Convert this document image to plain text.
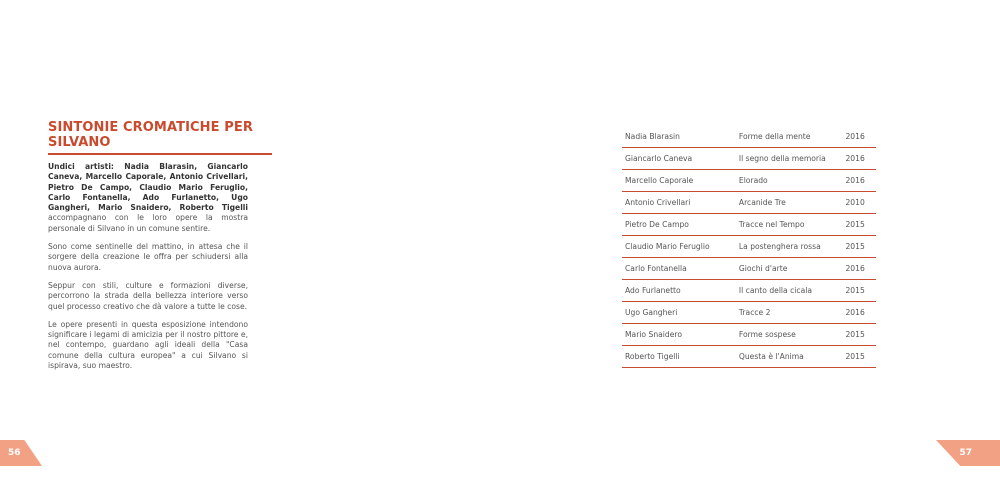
SINTONIE CROMATICHE PER SILVANO

Undici artisti: Nadia Blarasin, Giancarlo Caneva, Marcello Caporale, Antonio Crivellari, Pietro De Campo, Claudio Mario Feruglio, Carlo Fontanella, Ado Furlanetto, Ugo Gangheri, Mario Snaidero, Roberto Tigelli accompagnano con le loro opere la mostra personale di Silvano in un comune sentire.

Sono come sentinelle del mattino, in attesa che il sorgere della creazione le offra per schiudersi alla nuova aurora.

Seppur con stili, culture e formazioni diverse, percorrono la strada della bellezza interiore verso quel processo creativo che dà valore a tutte le cose.

Le opere presenti in questa esposizione intendono significare i legami di amicizia per il nostro pittore e, nel contempo, guardano agli ideali della "Casa comune della cultura europea" a cui Silvano si ispirava, suo maestro.

56
Nadia Blarasin	Forme della mente	2016
Giancarlo Caneva	Il segno della memoria	2016
Marcello Caporale	Elorado	2016
Antonio Crivellari	Arcanide Tre	2010
Pietro De Campo	Tracce nel Tempo	2015
Claudio Mario Feruglio	La postenghera rossa	2015
Carlo Fontanella	Giochi d'arte	2016
Ado Furlanetto	Il canto della cicala	2015
Ugo Gangheri	Tracce 2	2016
Mario Snaidero	Forme sospese	2015
Roberto Tigelli	Questa è l'Anima	2015
57
